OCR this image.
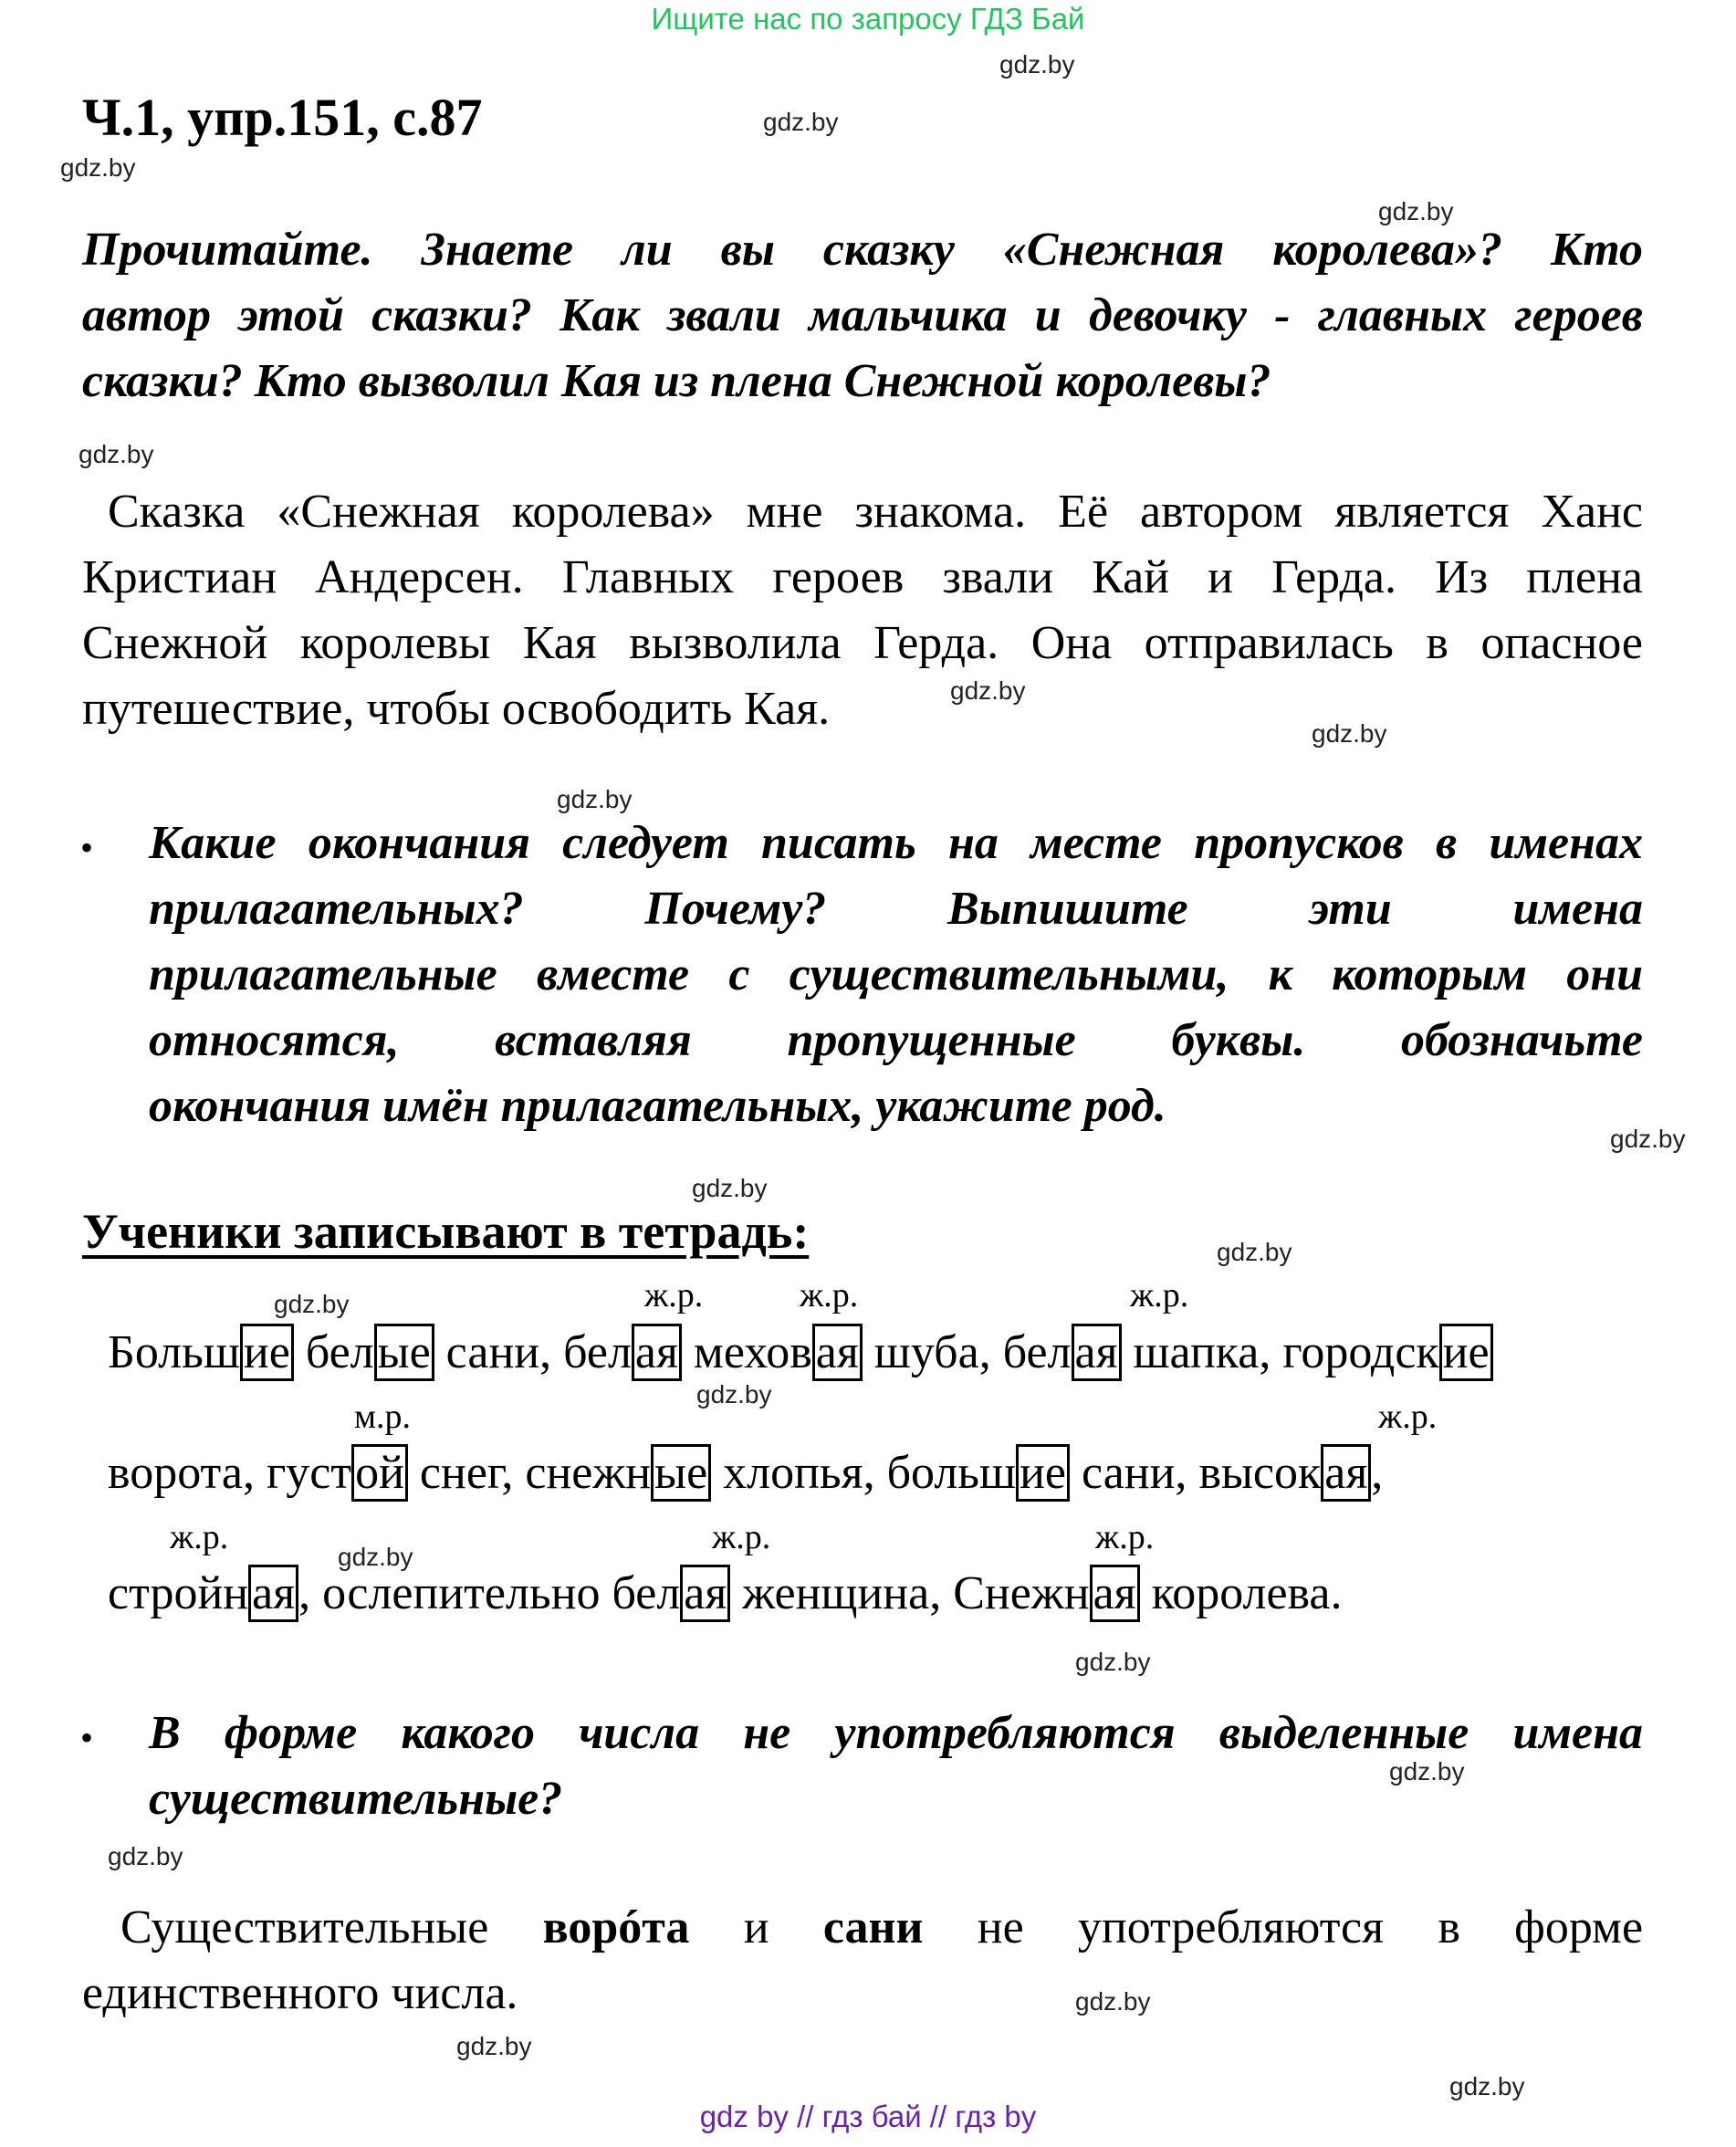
Ищите нас по запросу ГДЗ Бай
gdz.by
gdz.by
gdz.by
gdz.by
gdz.by
gdz.by
gdz.by
gdz.by
gdz.by
gdz.by
gdz.by
gdz.by
gdz.by
gdz.by
gdz.by
gdz.by
gdz.by
gdz.by
gdz.by
gdz.by
Ч.1, упр.151, с.87
Прочитайте. Знаете ли вы сказку «Снежная королева»? Кто
автор этой сказки? Как звали мальчика и девочку - главных героев
сказки? Кто вызволил Кая из плена Снежной королевы?
Сказка «Снежная королева» мне знакома. Её автором является Ханс
Кристиан Андерсен. Главных героев звали Кай и Герда. Из плена
Снежной королевы Кая вызволила Герда. Она отправилась в опасное
путешествие, чтобы освободить Кая.
• Какие окончания следует писать на месте пропусков в именах
прилагательных? Почему? Выпишите эти имена
прилагательные вместе с существительными, к которым они
относятся, вставляя пропущенные буквы. обозначьте
окончания имён прилагательных, укажите род.
Ученики записывают в тетрадь:
ж.р.	ж.р.	ж.р.
м.р.	ж.р.
ж.р.	ж.р.	ж.р.
Большие белые сани, белая меховая шуба, белая шапка, городские
ворота, густой снег, снежные хлопья, большие сани, высокая,
стройная, ослепительно белая женщина, Снежная королева.
• В форме какого числа не употребляются выделенные имена
существительные?
Существительные ворóта и сани не употребляются в форме
единственного числа.
gdz by // гдз бай // гдз by
